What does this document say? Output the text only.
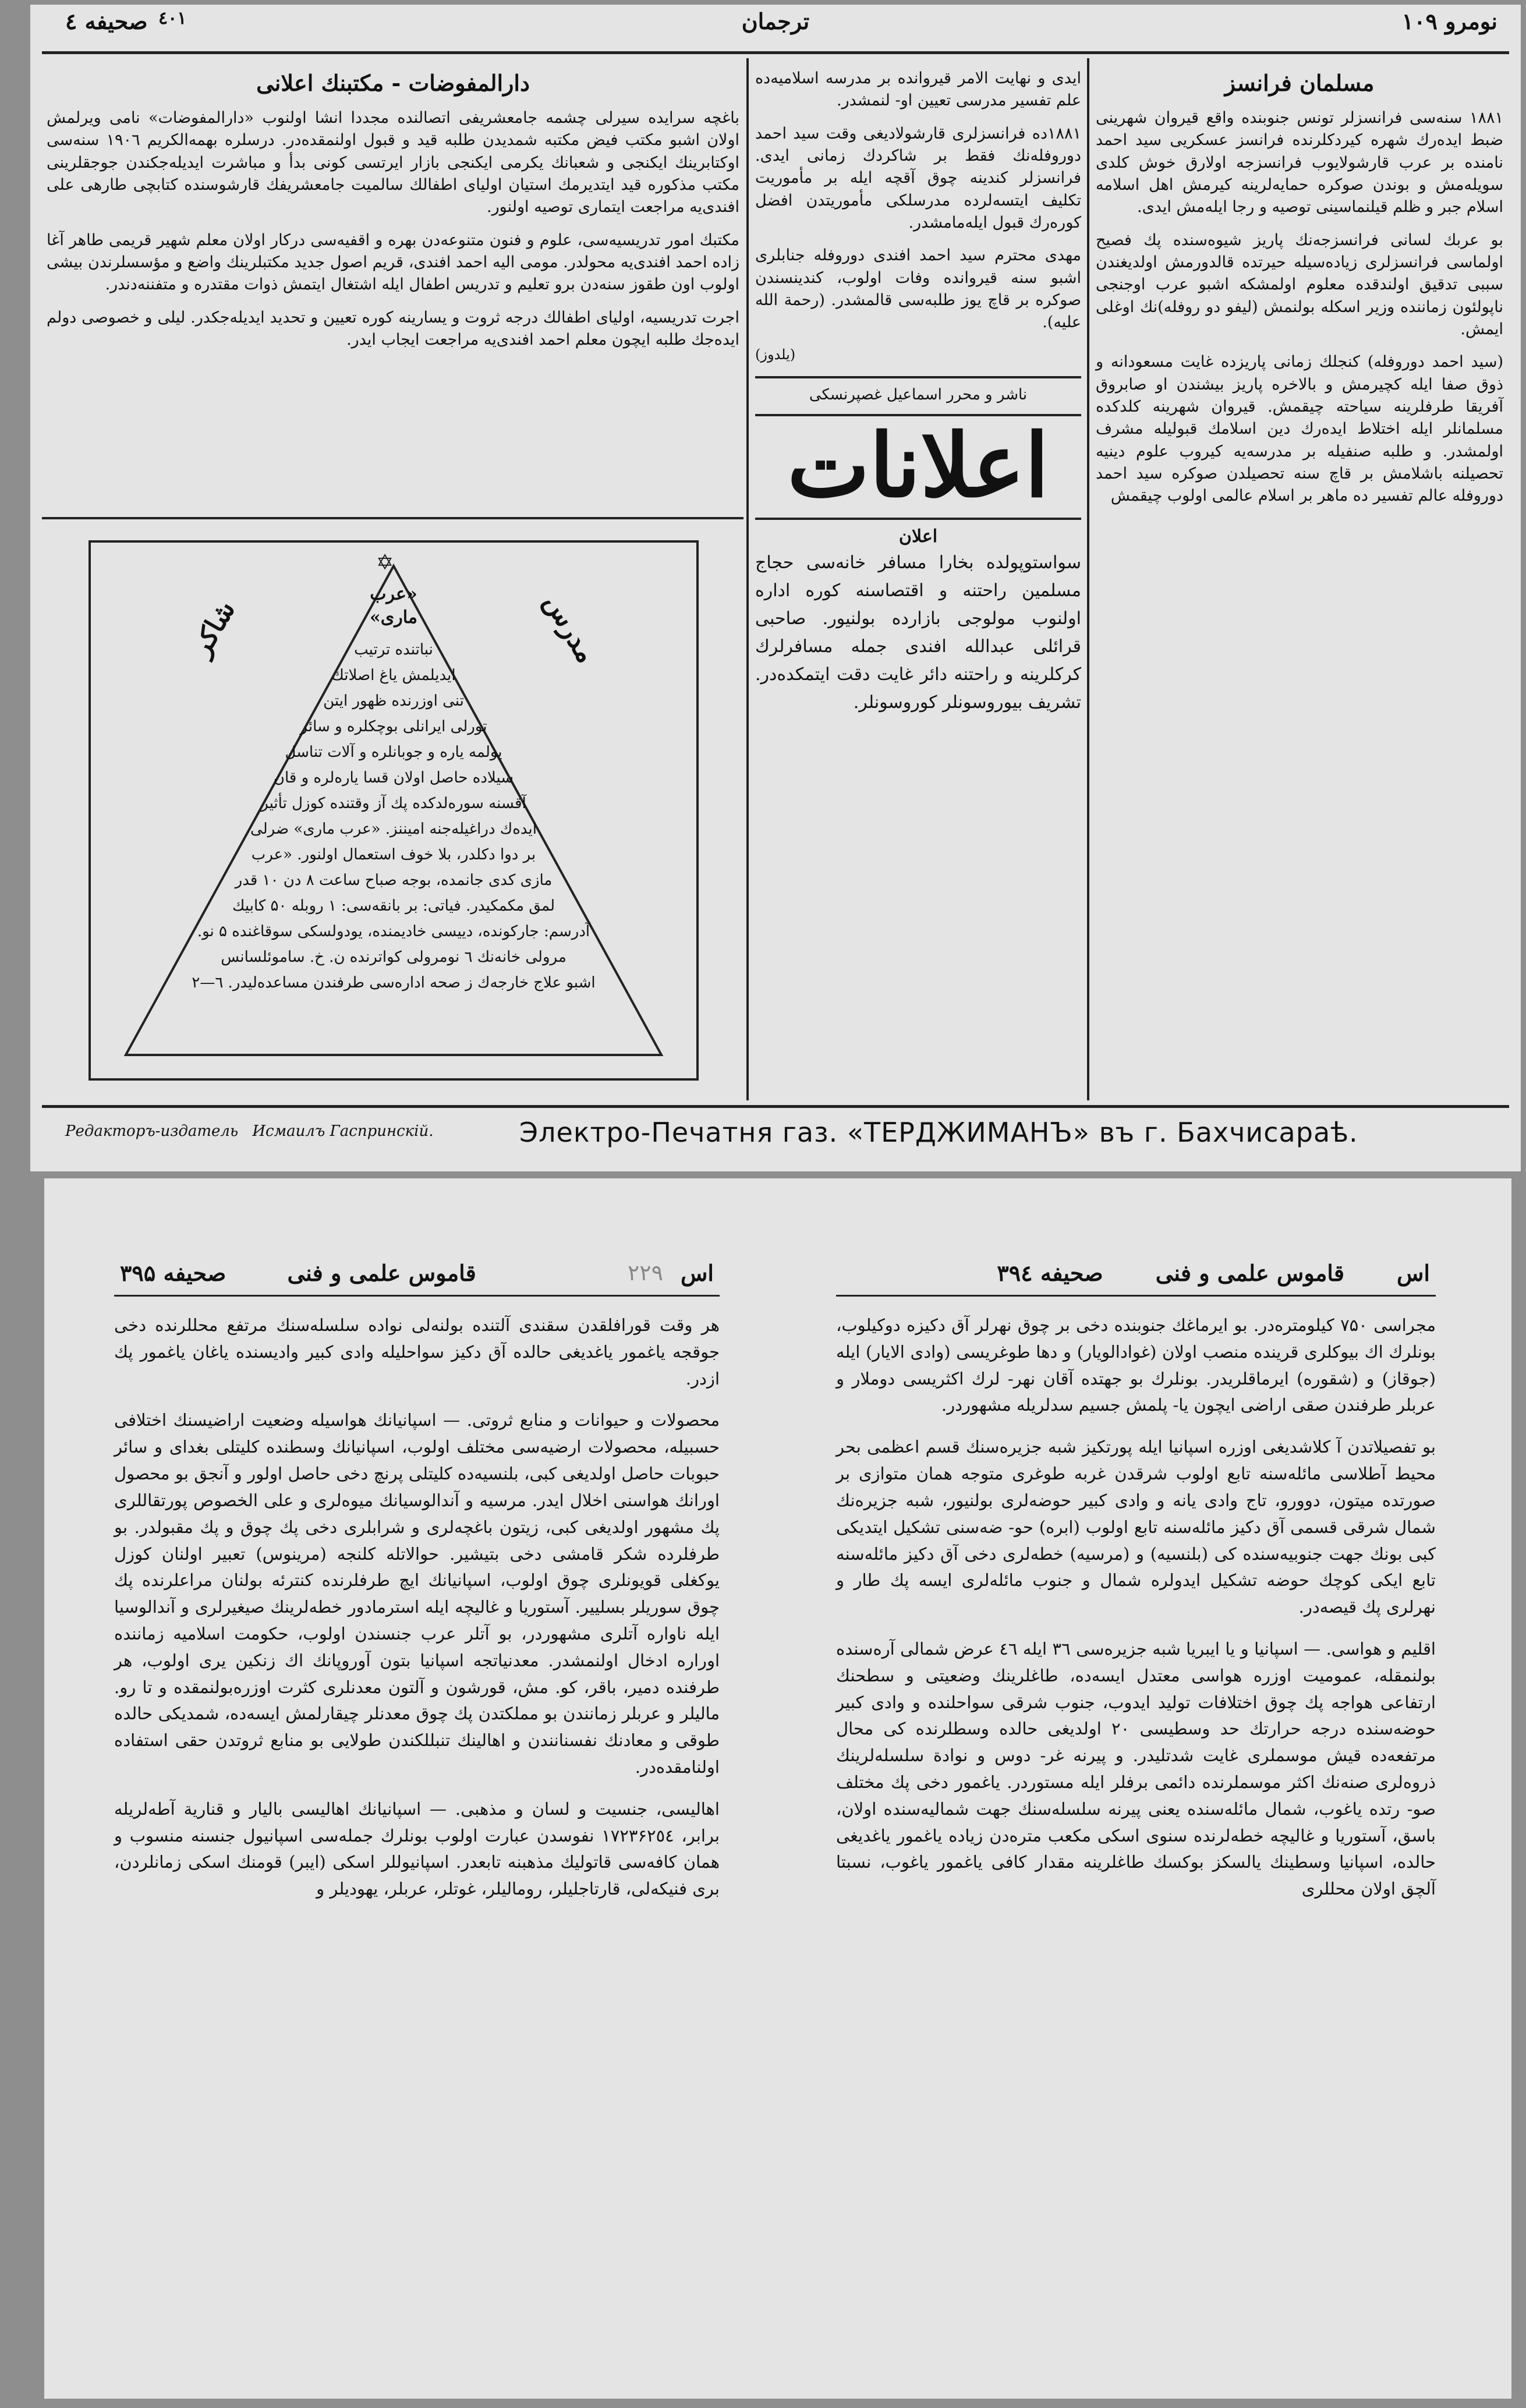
نومرو ۱۰۹
ترجمان
صحيفه ٤ ٤٠١
مسلمان فرانسز

۱۸۸۱ سنه‌سى فرانسزلر تونس جنوبنده واقع قيروان شهرينى ضبط ايدەرك شهره كيردكلرنده فرانسز عسكريى سيد احمد نامنده بر عرب قارشولايوب فرانسزجه اولارق خوش كلدى سويلەمش و بوندن صوكره حمايه‌لرينه كيرمش اهل اسلامه اسلام جبر و ظلم قيلنماسينى توصيه و رجا ايله‌مش ايدى.

بو عربك لسانى فرانسزجه‌نك پاريز شيوه‌سنده پك فصيح اولماسى فرانسزلرى زياده‌سيله حيرتده قالدورمش اولديغندن سببى تدقيق اولندقده معلوم اولمشكه اشبو عرب اوجنجى ناپولئون زماننده وزير اسكله بولنمش (ليفو دو روفله)نك اوغلى ايمش.

(سيد احمد دوروفله) كنجلك زمانى پاريزده غايت مسعودانه و ذوق صفا ايله كچيرمش و بالاخره پاريز بيشندن او صابروق آفريقا طرفلرينه سياحته چيقمش. قيروان شهرينه كلدكده مسلمانلر ايله اختلاط ايده‌رك دين اسلامك قبوليله مشرف اولمشدر. و طلبه صنفيله بر مدرسه‌يه كيروب علوم دينيه تحصيلنه باشلامش بر قاچ سنه تحصيلدن صوكره سيد احمد دوروفله عالم تفسير ده ماهر بر اسلام عالمى اولوب چيقمش

ايدى و نهايت الامر قيروانده بر مدرسه اسلاميه‌ده علم تفسير مدرسى تعيين او- لنمشدر.

۱۸۸۱ده فرانسزلرى قارشولاديغى وقت سيد احمد دوروفله‌نك فقط بر شاكردك زمانى ايدى. فرانسزلر كندينه چوق آقچه ايله بر مأموريت تكليف ايتسه‌لرده مدرسلكى مأموريتدن افضل كوره‌رك قبول ايلەمامشدر.

مهدى محترم سيد احمد افندى دوروفله جنابلرى اشبو سنه قيروانده وفات اولوب، كندينسندن صوكره بر قاچ يوز طلبه‌سى قالمشدر. (رحمة الله عليه).

(يلدوز)
ناشر و محرر اسماعيل غصپرنسكى
اعلانات
اعلان

سواستوپولده بخارا مسافر خانه‌سى حجاج مسلمين راحتنه و اقتصاسنه كوره اداره اولنوب مولوجى بازارده بولنيور. صاحبى قرائلى عبدالله افندى جمله مسافرلرك كركلرينه و راحتنه دائر غايت دقت ايتمكده‌در. تشريف بيوروسونلر كوروسونلر.

دارالمفوضات - مكتبنك اعلانى

باغچه سرايده سيرلى چشمه جامعشريفى اتصالنده مجددا انشا اولنوب «دارالمفوضات» نامى ويرلمش اولان اشبو مكتب فيض مكتبه شمديدن طلبه قيد و قبول اولنمقده‌در. درسلره بهمه‌الكريم ۱۹۰٦ سنه‌سى اوكتابرينك ايكنجى و شعبانك يكرمى ايكنجى بازار ايرتسى كونى بدأ و مباشرت ايديله‌جكندن جوجقلرينى مكتب مذكوره قيد ايتديرمك استيان اوليای اطفالك سالميت جامعشريفك قارشوسنده كتابچى طارهى على افندى‌يه مراجعت ايتمارى توصيه اولنور.

مكتبك امور تدريسيه‌سى، علوم و فنون متنوعه‌دن بهره و اقفيه‌سى دركار اولان معلم شهير قريمى طاهر آغا زاده احمد افندى‌يه محولدر. مومى اليه احمد افندى، قريم اصول جديد مكتبلرينك واضع و مؤسسلرندن بيشى اولوب اون طقوز سنه‌دن برو تعليم و تدريس اطفال ايله اشتغال ايتمش ذوات مقتدره و متفننه‌دندر.

اجرت تدريسيه، اوليای اطفالك درجه ثروت و يسارينه كوره تعيين و تحديد ايديله‌جكدر. ليلى و خصوصى دولم ايده‌جك طلبه ايچون معلم احمد افندى‌يه مراجعت ايجاب ايدر.

✡
مدرس
شاكر
«عرب
ماری»
نباتنده ترتيب
ايديلمش ياغ اصلاتك
تنى اوزرنده ظهور ايتن
تورلى ايرانلى بوچكلره و سائر
يولمه ياره و جوبانلره و آلات تناسل
سيلاده حاصل اولان قسا ياره‌لره و قان
آقسنه سوره‌لدكده پك آز وقتنده كوزل تأثير
ايده‌ك دراغيله‌جنه اميننز. «عرب ماری» ضرلى
بر دوا دكلدر، بلا خوف استعمال اولنور. «عرب
مازی كدى جانمده، بوجه صباح ساعت ۸ دن ۱۰ قدر
لمق مكمكيدر. فياتى: بر بانقه‌سى: ۱ روبله ۵۰ كابيك
آدرسم: جاركوندە، دييسى خاديمنده، يودولسكى سوقاغنده ۵ نو.
مرولى خانەنك ٦ نومرولى كواترنده ن. خ. ساموئلسانس
اشبو علاج خارجه‌ك ز صحه اداره‌سى طرفندن مساعده‌لیدر. ٦—٢
Редакторъ-издатель Исмаилъ Гаспринскій.	Электро-Печатня газ. «ТЕРДЖИМАНЪ» въ г. Бахчисараѣ.
اس
٢٢٩
قاموس علمى و فنى
صحيفه ۳۹۵

هر وقت قورافلقدن سقندى آلتنده بولنەلى نواده سلسله‌سنك مرتفع محللرنده دخى جوقجه ياغمور ياغديغى حالده آق دكيز سواحليله وادى كبير واديسنده ياغان ياغمور پك ازدر.

محصولات و حيوانات و منابع ثروتى. — اسپانيانك هواسيله وضعيت اراضيسنك اختلافى حسبيله، محصولات ارضيه‌سى مختلف اولوب، اسپانيانك وسطنده كليتلى بغداى و سائر حبوبات حاصل اولديغى كبى، بلنسيه‌ده كليتلى پرنچ دخى حاصل اولور و آنجق بو محصول اورانك هواسنى اخلال ايدر. مرسيه و آندالوسيانك ميوه‌لرى و على الخصوص پورتقاللرى پك مشهور اولديغى كبى، زيتون باغچه‌لرى و شرابلرى دخى پك چوق و پك مقبولدر. بو طرفلرده شكر قامشى دخى بتيشير. حوالاتله كلنجه (مرينوس) تعبير اولنان كوزل يوكغلى قويونلرى چوق اولوب، اسپانيانك ايچ طرفلرنده كنترئه بولنان مراعلرنده پك چوق سوريلر بسليير. آستوريا و غاليچه ايله استرمادور خطه‌لرينك صيغيرلرى و آندالوسيا ايله ناواره آتلرى مشهوردر، بو آتلر عرب جنسندن اولوب، حكومت اسلاميه زماننده اوراره ادخال اولنمشدر. معدنياتجه اسپانيا بتون آوروپانك اك زنكين يرى اولوب، هر طرفنده دمير، باقر، كو. مش، قورشون و آلتون معدنلرى كثرت اوزره‌بولنمقده و تا رو. ماليلر و عربلر زمانندن بو مملكتدن پك چوق معدنلر چيقارلمش ايسه‌ده، شمديكى حالده طوقى و معادنك نفسنانندن و اهالينك تنبللكندن طولايى بو منابع ثروتدن حقى استفاده اولنامقده‌در.

اهاليسى، جنسيت و لسان و مذهبى. — اسپانيانك اهاليسى باليار و قنارية آطه‌لريله برابر، ۱۷۲۳۶۲٥٤ نفوسدن عبارت اولوب بونلرك جملەسى اسپانيول جنسنه منسوب و همان كافه‌سى قاتوليك مذهبنه تابعدر. اسپانيوللر اسكى (ايبر) قومنك اسكى زمانلردن، برى فنيكه‌لى، قارتاجليلر، روماليلر، غوتلر، عربلر، يهوديلر و

اس
قاموس علمى و فنى
صحيفه ۳۹٤

مجراسى ۷۵۰ كيلومتره‌در. بو ايرماغك جنوبنده دخى بر چوق نهرلر آق دكيزه دوكيلوب، بونلرك اك بيوكلرى قرينده منصب اولان (غوادالويار) و دها طوغريسى (وادى الايار) ايله (جوقاز) و (شقوره) ايرماقلريدر. بونلرك بو جهتده آقان نهر- لرك اكثريسى دوملار و عربلر طرفندن صقى اراضى ايچون يا- پلمش جسيم سدلريله مشهوردر.

بو تفصيلاتدن آ كلاشديغى اوزره اسپانيا ايله پورتكيز شبه جزيره‌سنك قسم اعظمى بحر محيط آطلاسى مائلەسنه تابع اولوب شرقدن غربه طوغرى متوجه همان متوازى بر صورتده ميتون، دوورو، تاج وادى يانه و وادى كبير حوضه‌لرى بولنيور، شبه جزيره‌نك شمال شرقى قسمى آق دكيز مائلەسنه تابع اولوب (ابره) حو- ضه‌سنى تشكيل ايتديكى كبى بونك جهت جنوبيه‌سنده‌ كى (بلنسيه) و (مرسيه) خطه‌لرى دخى آق دكيز مائلەسنه تابع ايكى كوچك حوضه تشكيل ايدولره شمال و جنوب مائلەلرى ايسه پك طار و نهرلرى پك قيصه‌در.

اقليم و هواسى. — اسپانيا و يا ايبريا شبه جزيره‌سى ۳٦ ايله ٤٦ عرض شمالى آره‌سنده بولنمقله، عموميت اوزره هواسى معتدل ايسه‌ده، طاغلرينك وضعيتى و سطحنك ارتفاعى هواجه پك چوق اختلافات توليد ايدوب، جنوب شرقى سواحلنده و وادى كبير حوضه‌سنده درجه حرارتك حد وسطيسى ۲۰ اولديغى حالده وسطلرنده كى محال مرتفعه‌ده قيش موسملرى غايت شدتليدر. و پيرنه غر- دوس و نوادة سلسله‌لرينك ذروه‌لرى صنەنك اكثر موسملرنده دائمى برفلر ايله مستوردر. ياغمور دخى پك مختلف صو- رتده ياغوب، شمال مائلەسنده يعنى پيرنه سلسله‌سنك جهت شماليه‌سنده اولان، باسق، آستوريا و غاليچه خطه‌لرنده سنوى اسكى مكعب متره‌دن زياده ياغمور ياغديغى حالده، اسپانيا وسطينك يالسكز بوكسك طاغلرينه مقدار كافى ياغمور ياغوب، نسبتا آلچق اولان محللرى
